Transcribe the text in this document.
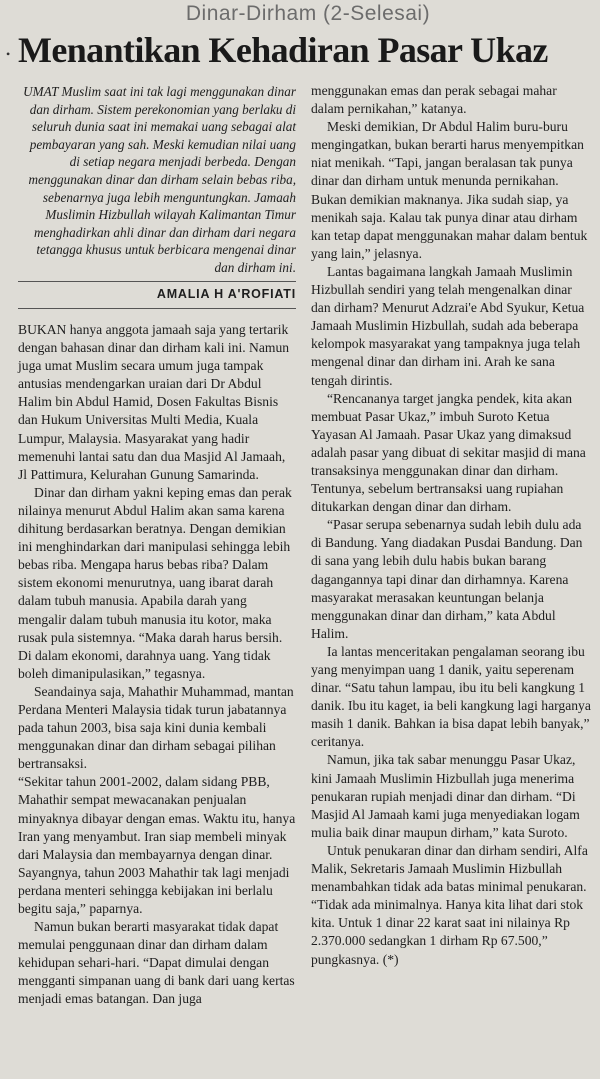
Dinar-Dirham (2-Selesai)
• Menantikan Kehadiran Pasar Ukaz

UMAT Muslim saat ini tak lagi menggunakan dinar dan dirham. Sistem perekonomian yang berlaku di seluruh dunia saat ini memakai uang sebagai alat pembayaran yang sah. Meski kemudian nilai uang di setiap negara menjadi berbeda. Dengan menggunakan dinar dan dirham selain bebas riba, sebenarnya juga lebih menguntungkan. Jamaah Muslimin Hizbullah wilayah Kalimantan Timur menghadirkan ahli dinar dan dirham dari negara tetangga khusus untuk berbicara mengenai dinar dan dirham ini.

AMALIA H A'ROFIATI

BUKAN hanya anggota jamaah saja yang tertarik dengan bahasan dinar dan dirham kali ini. Namun juga umat Muslim secara umum juga tampak antusias mendengarkan uraian dari Dr Abdul Halim bin Abdul Hamid, Dosen Fakultas Bisnis dan Hukum Universitas Multi Media, Kuala Lumpur, Malaysia. Masyarakat yang hadir memenuhi lantai satu dan dua Masjid Al Jamaah, Jl Pattimura, Kelurahan Gunung Samarinda.

Dinar dan dirham yakni keping emas dan perak nilainya menurut Abdul Halim akan sama karena dihitung berdasarkan beratnya. Dengan demikian ini menghindarkan dari manipulasi sehingga lebih bebas riba. Mengapa harus bebas riba? Dalam sistem ekonomi menurutnya, uang ibarat darah dalam tubuh manusia. Apabila darah yang mengalir dalam tubuh manusia itu kotor, maka rusak pula sistemnya. “Maka darah harus bersih. Di dalam ekonomi, darahnya uang. Yang tidak boleh dimanipulasikan,” tegasnya.

Seandainya saja, Mahathir Muhammad, mantan Perdana Menteri Malaysia tidak turun jabatannya pada tahun 2003, bisa saja kini dunia kembali menggunakan dinar dan dirham sebagai pilihan bertransaksi.

“Sekitar tahun 2001-2002, dalam sidang PBB, Mahathir sempat mewacanakan penjualan minyaknya dibayar dengan emas. Waktu itu, hanya Iran yang menyambut. Iran siap membeli minyak dari Malaysia dan membayarnya dengan dinar. Sayangnya, tahun 2003 Mahathir tak lagi menjadi perdana menteri sehingga kebijakan ini berlalu begitu saja,” paparnya.

Namun bukan berarti masyarakat tidak dapat memulai penggunaan dinar dan dirham dalam kehidupan sehari-hari. “Dapat dimulai dengan mengganti simpanan uang di bank dari uang kertas menjadi emas batangan. Dan juga

menggunakan emas dan perak sebagai mahar dalam pernikahan,” katanya.

Meski demikian, Dr Abdul Halim buru-buru mengingatkan, bukan berarti harus menyempitkan niat menikah. “Tapi, jangan beralasan tak punya dinar dan dirham untuk menunda pernikahan. Bukan demikian maknanya. Jika sudah siap, ya menikah saja. Kalau tak punya dinar atau dirham kan tetap dapat menggunakan mahar dalam bentuk yang lain,” jelasnya.

Lantas bagaimana langkah Jamaah Muslimin Hizbullah sendiri yang telah mengenalkan dinar dan dirham? Menurut Adzrai'e Abd Syukur, Ketua Jamaah Muslimin Hizbullah, sudah ada beberapa kelompok masyarakat yang tampaknya juga telah mengenal dinar dan dirham ini. Arah ke sana tengah dirintis.

“Rencananya target jangka pendek, kita akan membuat Pasar Ukaz,” imbuh Suroto Ketua Yayasan Al Jamaah. Pasar Ukaz yang dimaksud adalah pasar yang dibuat di sekitar masjid di mana transaksinya menggunakan dinar dan dirham. Tentunya, sebelum bertransaksi uang rupiahan ditukarkan dengan dinar dan dirham.

“Pasar serupa sebenarnya sudah lebih dulu ada di Bandung. Yang diadakan Pusdai Bandung. Dan di sana yang lebih dulu habis bukan barang dagangannya tapi dinar dan dirhamnya. Karena masyarakat merasakan keuntungan belanja menggunakan dinar dan dirham,” kata Abdul Halim.

Ia lantas menceritakan pengalaman seorang ibu yang menyimpan uang 1 danik, yaitu seperenam dinar. “Satu tahun lampau, ibu itu beli kangkung 1 danik. Ibu itu kaget, ia beli kangkung lagi harganya masih 1 danik. Bahkan ia bisa dapat lebih banyak,” ceritanya.

Namun, jika tak sabar menunggu Pasar Ukaz, kini Jamaah Muslimin Hizbullah juga menerima penukaran rupiah menjadi dinar dan dirham. “Di Masjid Al Jamaah kami juga menyediakan logam mulia baik dinar maupun dirham,” kata Suroto.

Untuk penukaran dinar dan dirham sendiri, Alfa Malik, Sekretaris Jamaah Muslimin Hizbullah menambahkan tidak ada batas minimal penukaran. “Tidak ada minimalnya. Hanya kita lihat dari stok kita. Untuk 1 dinar 22 karat saat ini nilainya Rp 2.370.000 sedangkan 1 dirham Rp 67.500,” pungkasnya. (*)
